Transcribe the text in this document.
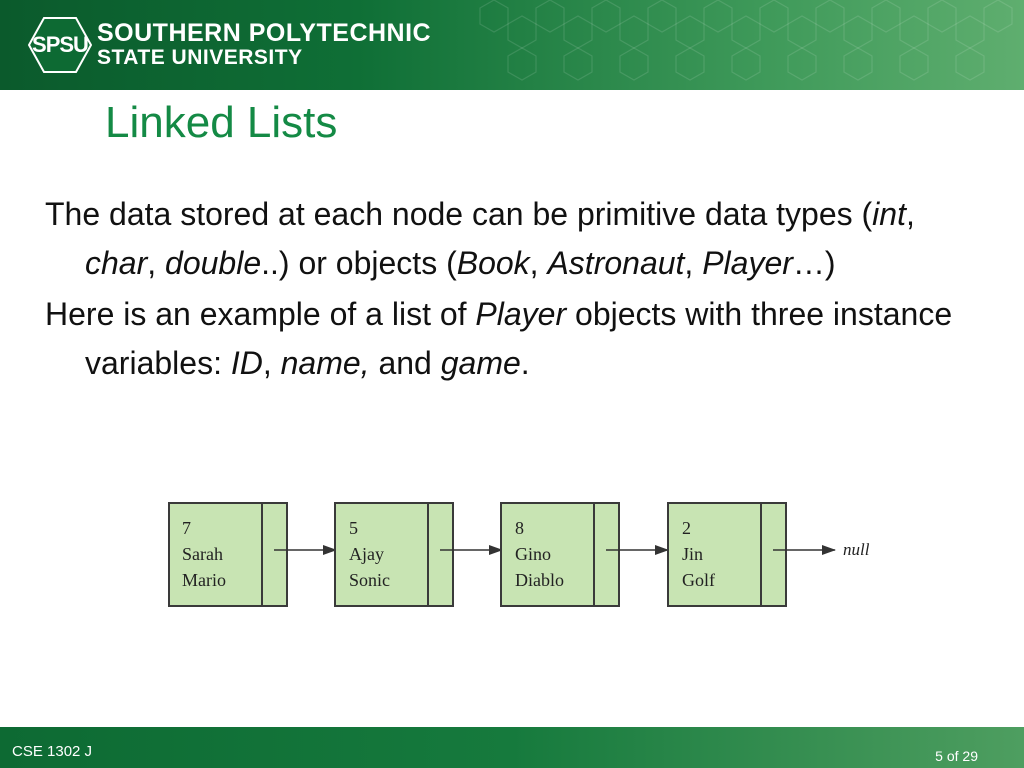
SPSU SOUTHERN POLYTECHNIC
STATE UNIVERSITY
Linked Lists

The data stored at each node can be primitive data types (int, char, double..) or objects (Book, Astronaut, Player…)

Here is an example of a list of Player objects with three instance variables: ID, name, and game.

7
Sarah
Mario
5
Ajay
Sonic
8
Gino
Diablo
2
Jin
Golf
null
CSE 1302 J	5 of 29
